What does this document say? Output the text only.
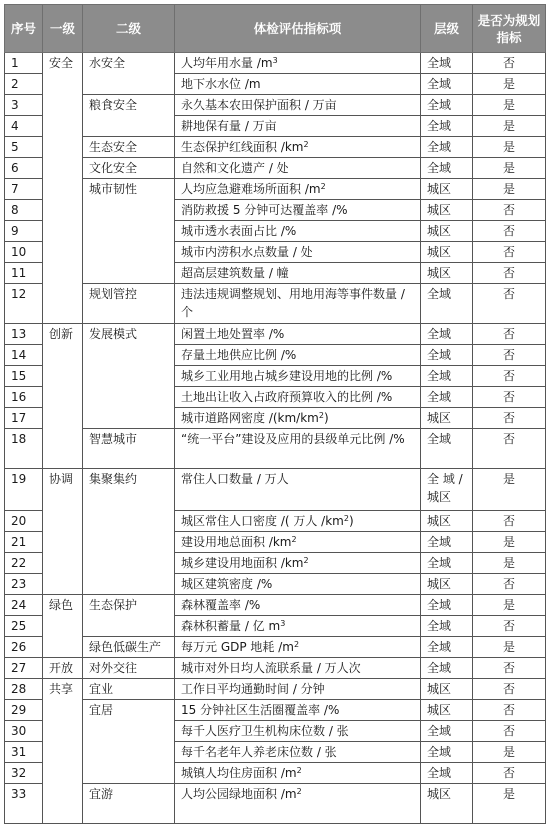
序号	一级	二级	体检评估指标项	层级	是否为规划指标
1	安全	水安全	人均年用水量 $/m^3$	全域	否
2			地下水水位 /m	全域	是
3		粮食安全	永久基本农田保护面积 / 万亩	全域	是
4			耕地保有量 / 万亩	全域	是
5		生态安全	生态保护红线面积 $/km^2$	全域	是
6		文化安全	自然和文化遗产 / 处	全域	是
7		城市韧性	人均应急避难场所面积 $/m^2$	城区	是
8			消防救援 5 分钟可达覆盖率 /%	城区	否
9			城市透水表面占比 /%	城区	否
10			城市内涝积水点数量 / 处	城区	否
11			超高层建筑数量 / 幢	城区	否
12		规划管控	违法违规调整规划、用地用海等事件数量 / 个	全域	否
13	创新	发展模式	闲置土地处置率 /%	全域	否
14			存量土地供应比例 /%	全域	否
15			城乡工业用地占城乡建设用地的比例 /%	全域	否
16			土地出让收入占政府预算收入的比例 /%	全域	否
17			城市道路网密度 $/(km/km^2)$	城区	否
18		智慧城市	“统一平台”建设及应用的县级单元比例 /%	全域	否
19	协调	集聚集约	常住人口数量 / 万人	全 域 / 城区	是
20			城区常住人口密度 /( 万人 $/km^2$)	城区	否
21			建设用地总面积 $/km^2$	全域	是
22			城乡建设用地面积 $/km^2$	全域	是
23			城区建筑密度 /%	城区	否
24	绿色	生态保护	森林覆盖率 /%	全域	是
25			森林积蓄量 / 亿 $m^3$	全域	否
26		绿色低碳生产	每万元 GDP 地耗 $/m^2$	全域	是
27	开放	对外交往	城市对外日均人流联系量 / 万人次	全域	否
28	共享	宜业	工作日平均通勤时间 / 分钟	城区	否
29		宜居	15 分钟社区生活圈覆盖率 /%	城区	否
30			每千人医疗卫生机构床位数 / 张	全域	否
31			每千名老年人养老床位数 / 张	全域	是
32			城镇人均住房面积 $/m^2$	全域	否
33		宜游	人均公园绿地面积 $/m^2$	城区	是
